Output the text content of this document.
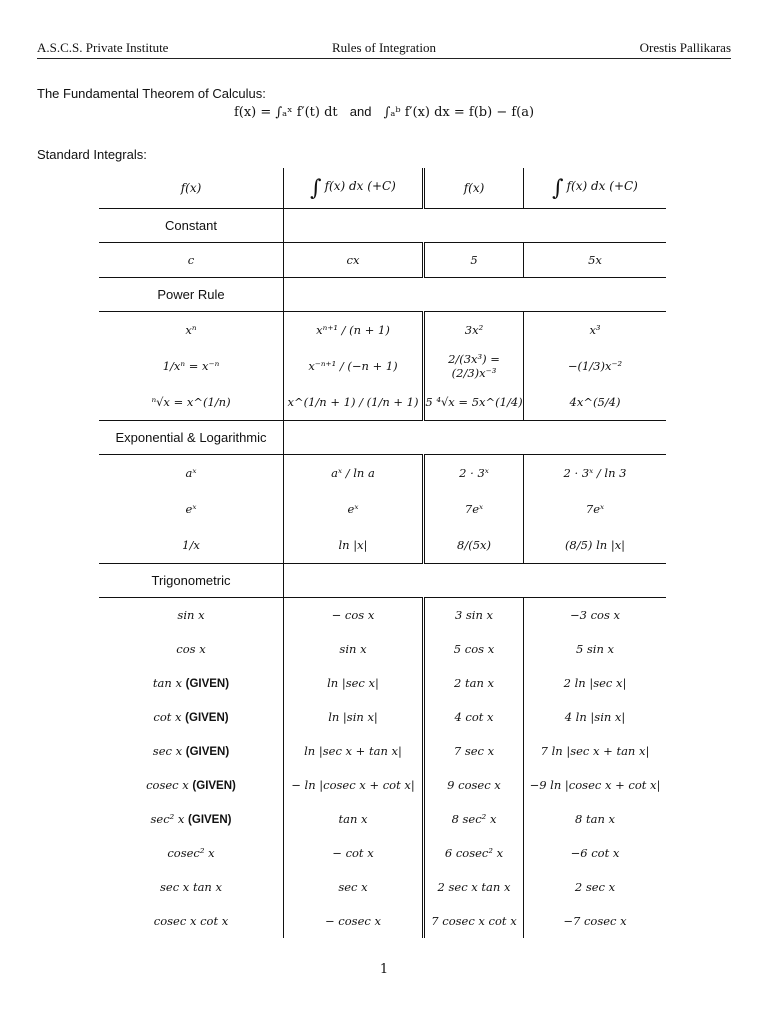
A.S.C.S. Private Institute	Rules of Integration	Orestis Pallikaras
The Fundamental Theorem of Calculus:
f(x) = ∫ₐˣ f′(t) dt and ∫ₐᵇ f′(x) dx = f(b) − f(a)
Standard Integrals:
f(x)	∫ f(x) dx (+C)	f(x)	∫ f(x) dx (+C)
Constant			
c	cx	5	5x
Power Rule			
xⁿ	xⁿ⁺¹ / (n + 1)	3x²	x³
1/xⁿ = x⁻ⁿ	x⁻ⁿ⁺¹ / (−n + 1)	2/(3x³) = (2/3)x⁻³	−(1/3)x⁻²
ⁿ√x = x^(1/n)	x^(1/n + 1) / (1/n + 1)	5 ⁴√x = 5x^(1/4)	4x^(5/4)
Exponential & Logarithmic			
aˣ	aˣ / ln a	2 · 3ˣ	2 · 3ˣ / ln 3
eˣ	eˣ	7eˣ	7eˣ
1/x	ln |x|	8/(5x)	(8/5) ln |x|
Trigonometric			
sin x	− cos x	3 sin x	−3 cos x
cos x	sin x	5 cos x	5 sin x
tan x (GIVEN)	ln |sec x|	2 tan x	2 ln |sec x|
cot x (GIVEN)	ln |sin x|	4 cot x	4 ln |sin x|
sec x (GIVEN)	ln |sec x + tan x|	7 sec x	7 ln |sec x + tan x|
cosec x (GIVEN)	− ln |cosec x + cot x|	9 cosec x	−9 ln |cosec x + cot x|
sec² x (GIVEN)	tan x	8 sec² x	8 tan x
cosec² x	− cot x	6 cosec² x	−6 cot x
sec x tan x	sec x	2 sec x tan x	2 sec x
cosec x cot x	− cosec x	7 cosec x cot x	−7 cosec x
1
